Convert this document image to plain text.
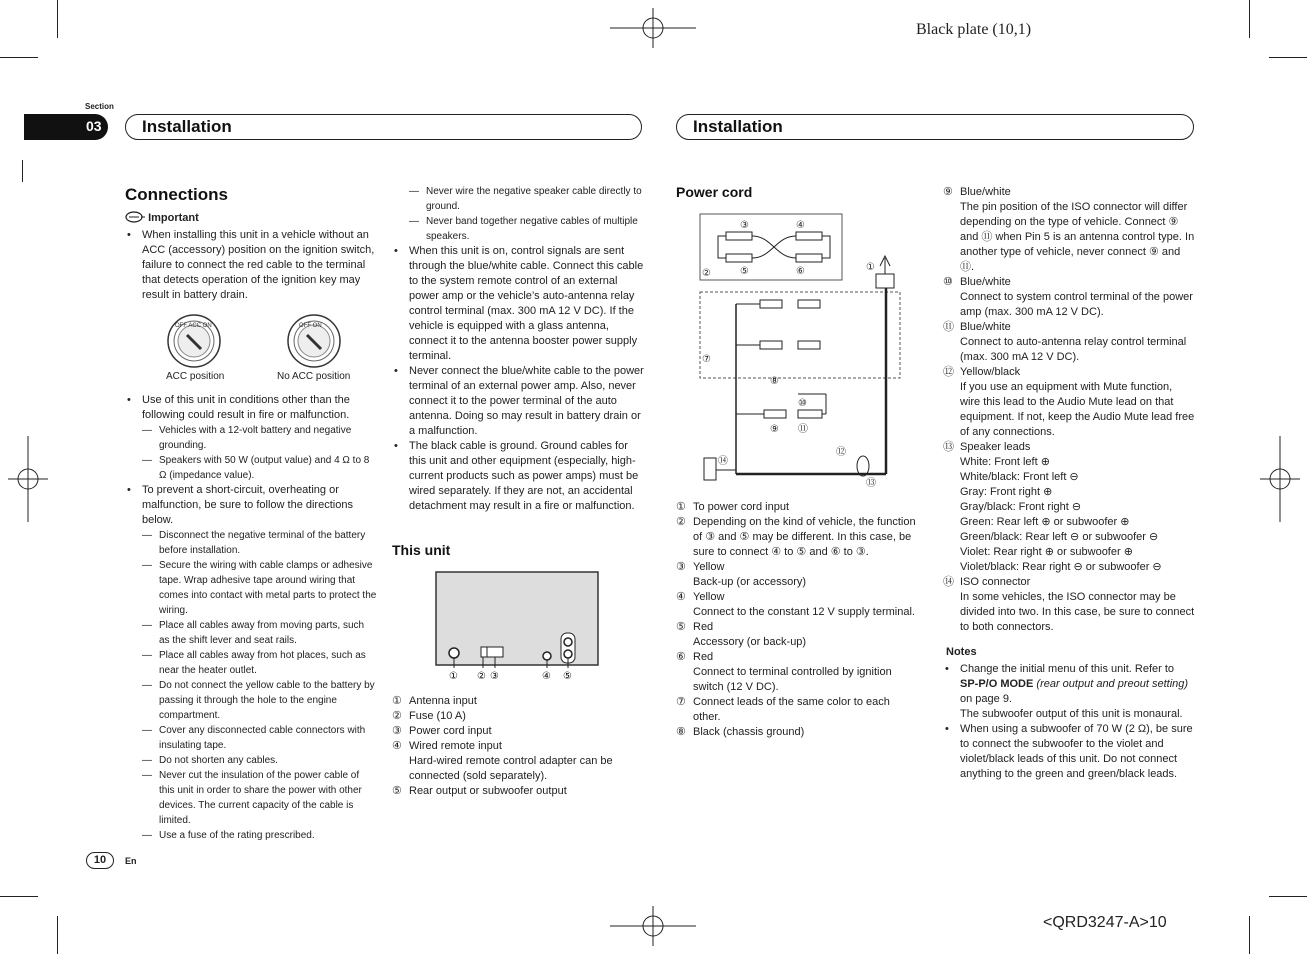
Black plate (10,1)
<QRD3247-A>10
Section
03 Installation	Installation
Connections
Important

• When installing this unit in a vehicle without an ACC (accessory) position on the ignition switch, failure to connect the red cable to the terminal that detects operation of the ignition key may result in battery drain.

OFF ACC ON	OFF ON
ACC position	No ACC position

• Use of this unit in conditions other than the following could result in fire or malfunction.

— Vehicles with a 12-volt battery and negative grounding.

— Speakers with 50 W (output value) and 4 Ω to 8 Ω (impedance value).

• To prevent a short-circuit, overheating or malfunction, be sure to follow the directions below.

— Disconnect the negative terminal of the battery before installation.

— Secure the wiring with cable clamps or adhesive tape. Wrap adhesive tape around wiring that comes into contact with metal parts to protect the wiring.

— Place all cables away from moving parts, such as the shift lever and seat rails.

— Place all cables away from hot places, such as near the heater outlet.

— Do not connect the yellow cable to the battery by passing it through the hole to the engine compartment.

— Cover any disconnected cable connectors with insulating tape.

— Do not shorten any cables.

— Never cut the insulation of the power cable of this unit in order to share the power with other devices. The current capacity of the cable is limited.

— Use a fuse of the rating prescribed.

— Never wire the negative speaker cable directly to ground.

— Never band together negative cables of multiple speakers.

• When this unit is on, control signals are sent through the blue/white cable. Connect this cable to the system remote control of an external power amp or the vehicle’s auto-antenna relay control terminal (max. 300 mA 12 V DC). If the vehicle is equipped with a glass antenna, connect it to the antenna booster power supply terminal.

• Never connect the blue/white cable to the power terminal of an external power amp. Also, never connect it to the power terminal of the auto antenna. Doing so may result in battery drain or a malfunction.

• The black cable is ground. Ground cables for this unit and other equipment (especially, high-current products such as power amps) must be wired separately. If they are not, an accidental detachment may result in a fire or malfunction.

This unit
① ② ③	④ ⑤

① Antenna input

② Fuse (10 A)

③ Power cord input

④ Wired remote input
Hard-wired remote control adapter can be connected (sold separately).

⑤ Rear output or subwoofer output

Power cord
①
②
③	④
⑤	⑥
⑦
⑧
⑨
⑩
⑪
⑫
⑬
⑭

① To power cord input

② Depending on the kind of vehicle, the function of ③ and ⑤ may be different. In this case, be sure to connect ④ to ⑤ and ⑥ to ③.

③ Yellow
Back-up (or accessory)

④ Yellow
Connect to the constant 12 V supply terminal.

⑤ Red
Accessory (or back-up)

⑥ Red
Connect to terminal controlled by ignition switch (12 V DC).

⑦ Connect leads of the same color to each other.

⑧ Black (chassis ground)

⑨ Blue/white
The pin position of the ISO connector will differ depending on the type of vehicle. Connect ⑨ and ⑪ when Pin 5 is an antenna control type. In another type of vehicle, never connect ⑨ and ⑪.

⑩ Blue/white
Connect to system control terminal of the power amp (max. 300 mA 12 V DC).

⑪ Blue/white
Connect to auto-antenna relay control terminal (max. 300 mA 12 V DC).

⑫ Yellow/black
If you use an equipment with Mute function, wire this lead to the Audio Mute lead on that equipment. If not, keep the Audio Mute lead free of any connections.

⑬ Speaker leads
White: Front left ⊕
White/black: Front left ⊖
Gray: Front right ⊕
Gray/black: Front right ⊖
Green: Rear left ⊕ or subwoofer ⊕
Green/black: Rear left ⊖ or subwoofer ⊖
Violet: Rear right ⊕ or subwoofer ⊕
Violet/black: Rear right ⊖ or subwoofer ⊖

⑭ ISO connector
In some vehicles, the ISO connector may be divided into two. In this case, be sure to connect to both connectors.

Notes

• Change the initial menu of this unit. Refer to SP-P/O MODE (rear output and preout setting) on page 9.
The subwoofer output of this unit is monaural.

• When using a subwoofer of 70 W (2 Ω), be sure to connect the subwoofer to the violet and violet/black leads of this unit. Do not connect anything to the green and green/black leads.

10	En
